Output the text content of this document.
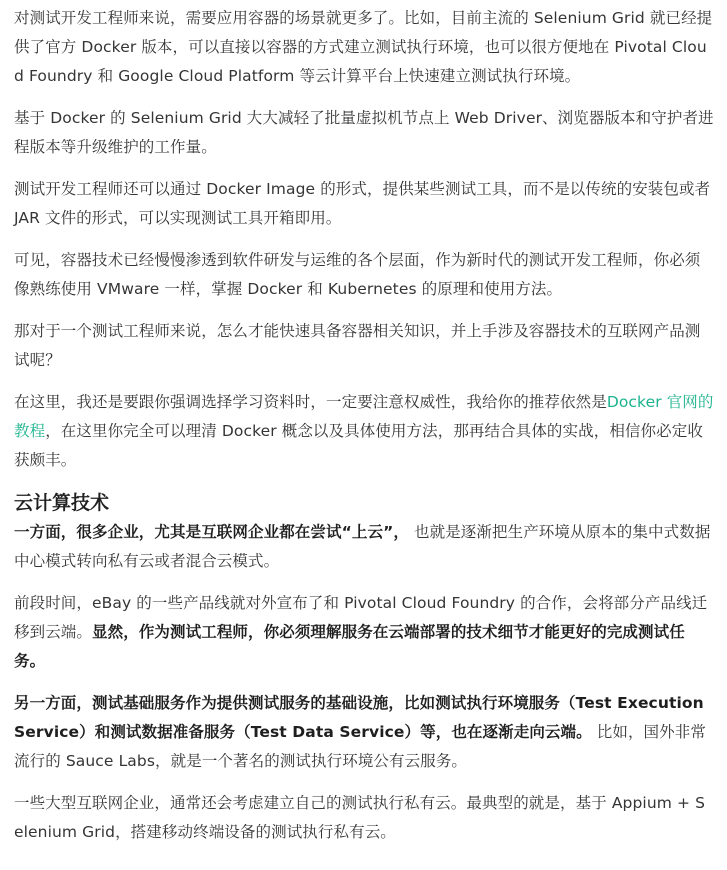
对测试开发工程师来说，需要应用容器的场景就更多了。比如，目前主流的 Selenium Grid 就已经提供了官方 Docker 版本，可以直接以容器的方式建立测试执行环境，也可以很方便地在 Pivotal Cloud Foundry 和 Google Cloud Platform 等云计算平台上快速建立测试执行环境。

基于 Docker 的 Selenium Grid 大大减轻了批量虚拟机节点上 Web Driver、浏览器版本和守护者进程版本等升级维护的工作量。

测试开发工程师还可以通过 Docker Image 的形式，提供某些测试工具，而不是以传统的安装包或者 JAR 文件的形式，可以实现测试工具开箱即用。

可见，容器技术已经慢慢渗透到软件研发与运维的各个层面，作为新时代的测试开发工程师，你必须像熟练使用 VMware 一样，掌握 Docker 和 Kubernetes 的原理和使用方法。

那对于一个测试工程师来说，怎么才能快速具备容器相关知识，并上手涉及容器技术的互联网产品测试呢？

在这里，我还是要跟你强调选择学习资料时，一定要注意权威性，我给你的推荐依然是Docker 官网的教程，在这里你完全可以理清 Docker 概念以及具体使用方法，那再结合具体的实战，相信你必定收获颇丰。

云计算技术

一方面，很多企业，尤其是互联网企业都在尝试“上云”， 也就是逐渐把生产环境从原本的集中式数据中心模式转向私有云或者混合云模式。

前段时间，eBay 的一些产品线就对外宣布了和 Pivotal Cloud Foundry 的合作，会将部分产品线迁移到云端。显然，作为测试工程师，你必须理解服务在云端部署的技术细节才能更好的完成测试任务。

另一方面，测试基础服务作为提供测试服务的基础设施，比如测试执行环境服务（Test Execution Service）和测试数据准备服务（Test Data Service）等，也在逐渐走向云端。 比如，国外非常流行的 Sauce Labs，就是一个著名的测试执行环境公有云服务。

一些大型互联网企业，通常还会考虑建立自己的测试执行私有云。最典型的就是，基于 Appium + Selenium Grid，搭建移动终端设备的测试执行私有云。
